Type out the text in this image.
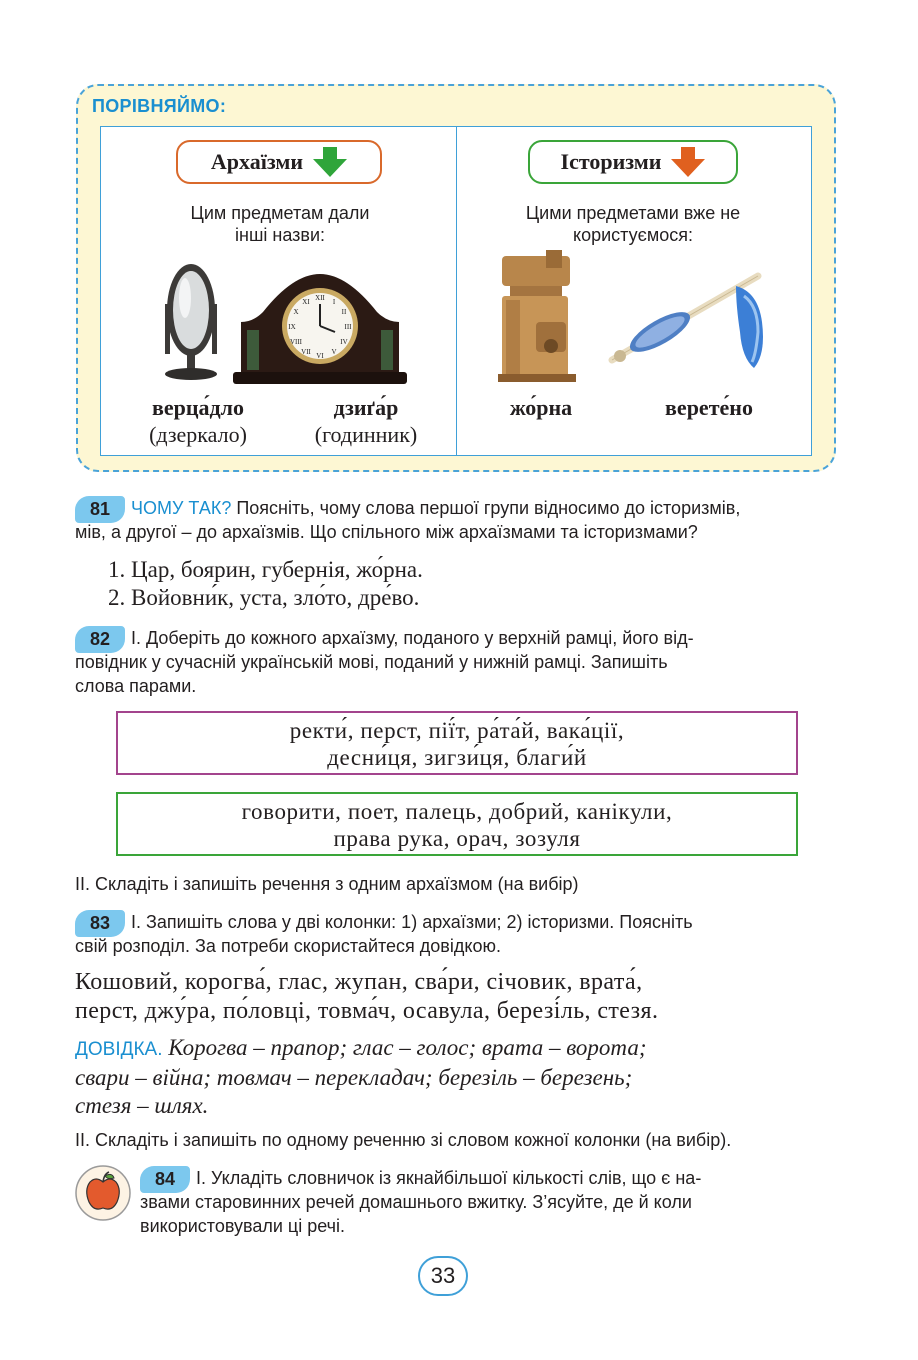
ПОРІВНЯЙМО:
Архаїзми
Цим предметам дали
інші назви:
XII
VI
IX	III
I
II
IV
V
VII
VIII
X
XI
верца́дло
(дзеркало)
дзиґа́р
(годинник)
Історизми
Цими предметами вже не
користуємося:
жо́рна	верете́но
81	ЧОМУ ТАК? Поясніть, чому слова першої групи відносимо до історизмів,
мів, а другої – до архаїзмів. Що спільного між архаїзмами та історизмами?
1. Цар, боярин, губернія, жо́рна.
2. Войовни́к, уста, зло́то, дре́во.
82	І. Доберіть до кожного архаїзму, поданого у верхній рамці, його від-
повідник у сучасній українській мові, поданий у нижній рамці. Запишіть
слова парами.
ректи́, перст, пії́т, ра́та́й, вака́ції,
десни́ця, зигзи́ця, благи́й
говорити, поет, палець, добрий, канікули,
права рука, орач, зозуля
ІІ. Складіть і запишіть речення з одним архаїзмом (на вибір)
83	І. Запишіть слова у дві колонки: 1) архаїзми; 2) історизми. Поясніть
свій розподіл. За потреби скористайтеся довідкою.
Кошовий, корогва́, глас, жупан, сва́ри, січовик, врата́,
перст, джу́ра, по́ловці, товма́ч, осавула, березі́ль, стезя.
ДОВІДКА. Корогва – прапор; глас – голос; врата – ворота;
свари – війна; товмач – перекладач; березіль – березень;
стезя – шлях.
ІІ. Складіть і запишіть по одному реченню зі словом кожної колонки (на вибір).
84	І. Укладіть словничок із якнайбільшої кількості слів, що є на-
звами старовинних речей домашнього вжитку. З’ясуйте, де й коли
використовували ці речі.
33
